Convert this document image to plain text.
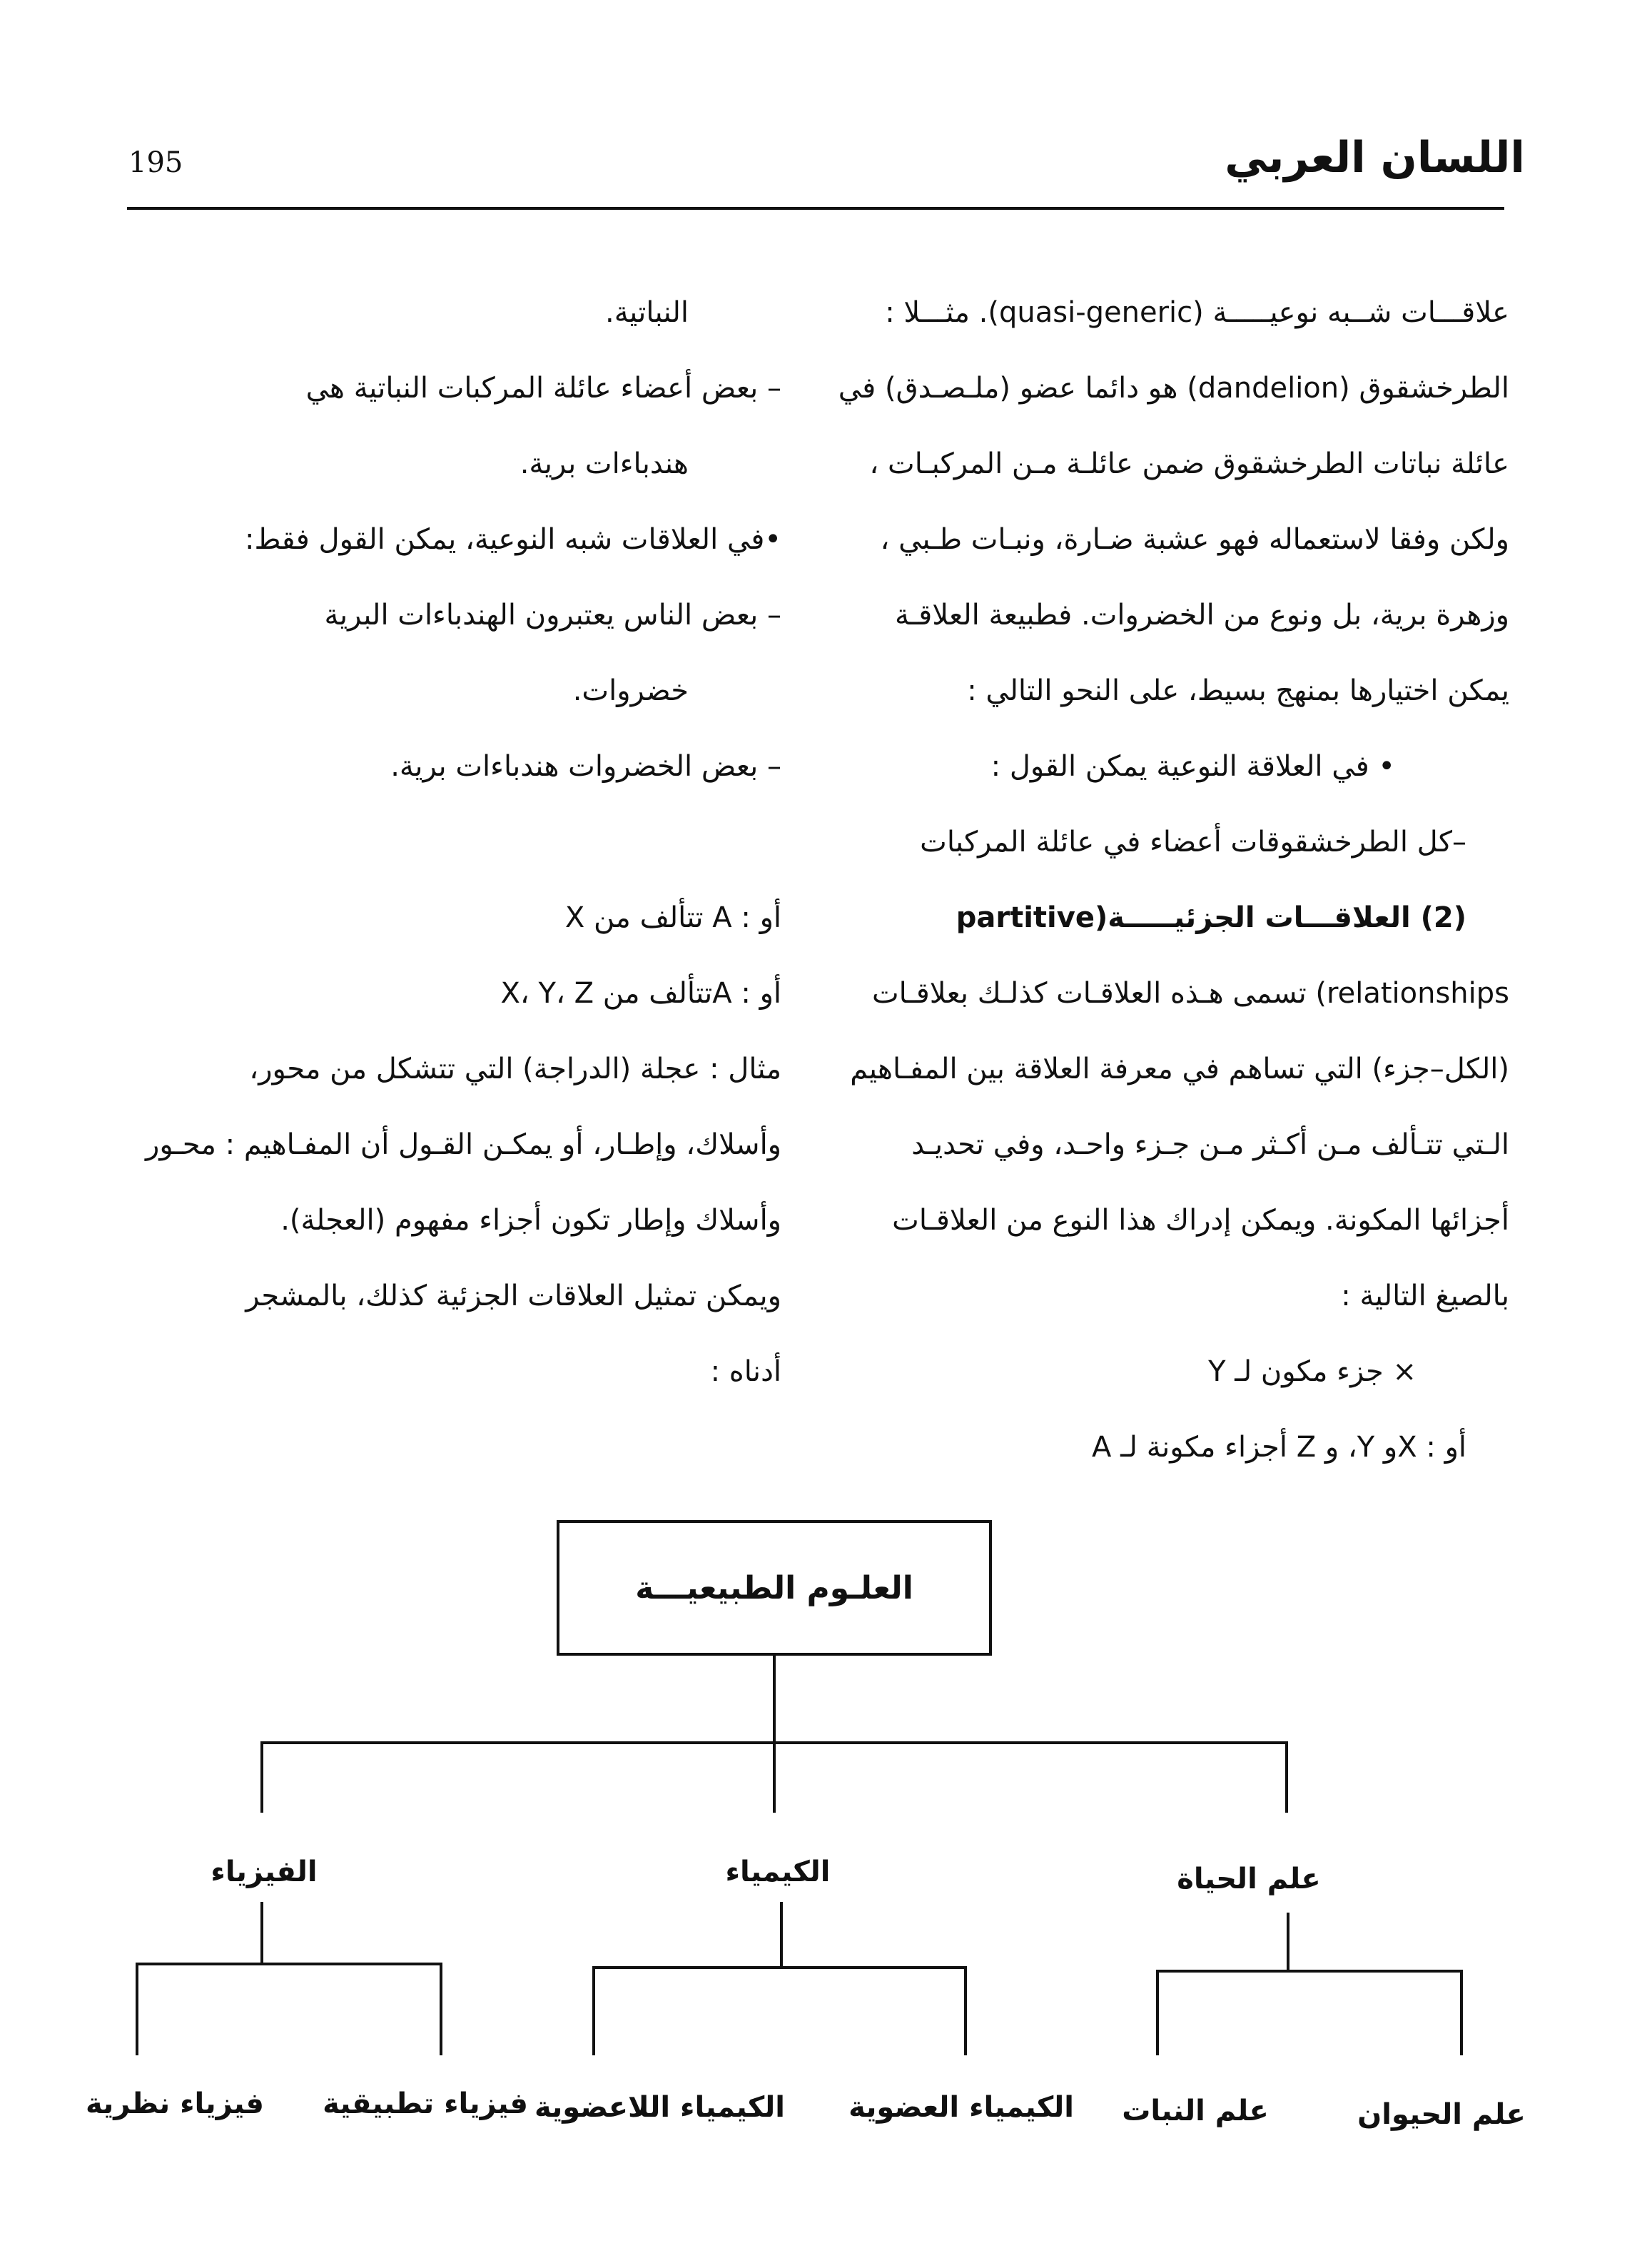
195	اللسان العربي

علاقـــات شــبه نوعيـــــة (quasi-generic). مثـــلا :

الطرخشقوق (dandelion) هو دائما عضو (ملـصـدق) في

عائلة نباتات الطرخشقوق ضمن عائلـة مـن المركبـات ،

ولكن وفقا لاستعماله فهو عشبة ضـارة، ونبـات طـبي ،

وزهرة برية، بل ونوع من الخضروات. فطبيعة العلاقـة

يمكن اختيارها بمنهج بسيط، على النحو التالي :

• في العلاقة النوعية يمكن القول :

–كل الطرخشقوقات أعضاء في عائلة المركبات

(2) العلاقـــات الجزئيـــــة(partitive

relationships) تسمى هـذه العلاقـات كذلـك بعلاقـات

(الكل–جزء) التي تساهم في معرفة العلاقة بين المفـاهيم

الـتي تتـألف مـن أكـثر مـن جـزء واحـد، وفي تحديـد

أجزائها المكونة. ويمكن إدراك هذا النوع من العلاقـات

بالصيغ التالية :

× جزء مكون لـ Y

أو : Xو Y، و Z أجزاء مكونة لـ A

النباتية.

– بعض أعضاء عائلة المركبات النباتية هي

هندباءات برية.

•في العلاقات شبه النوعية، يمكن القول فقط:

– بعض الناس يعتبرون الهندباءات البرية

خضروات.

– بعض الخضروات هندباءات برية.

أو : A تتألف من X

أو : Aتتألف من X، Y، Z

مثال : عجلة (الدراجة) التي تتشكل من محور،

وأسلاك، وإطـار، أو يمكـن القـول أن المفـاهيم : محـور

وأسلاك وإطار تكون أجزاء مفهوم (العجلة).

ويمكن تمثيل العلاقات الجزئية كذلك، بالمشجر

أدناه :

العلـوم الطبيعيـــة
علم الحياة
الكيمياء
الفيزياء
علم الحيوان
علم النبات
الكيمياء العضوية
الكيمياء اللاعضوية
فيزياء تطبيقية
فيزياء نظرية
